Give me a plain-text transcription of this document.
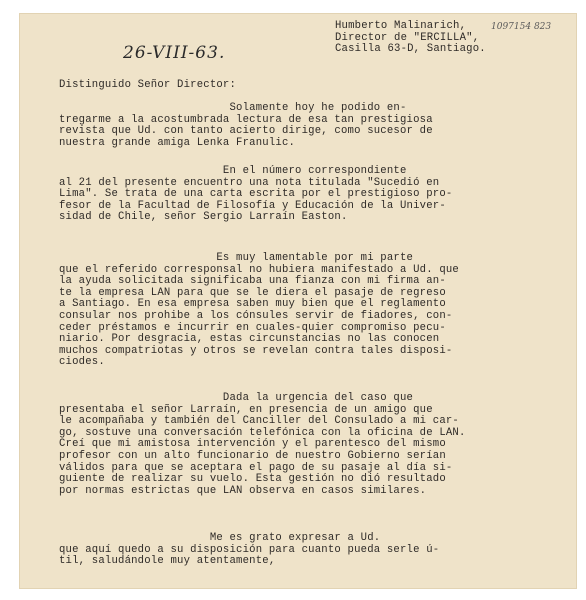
1097154 823
Humberto Malinarich,
Director de "ERCILLA",
Casilla 63-D, Santiago.
26-VIII-63.
Distinguido Señor Director:
Solamente hoy he podido en-
tregarme a la acostumbrada lectura de esa tan prestigiosa
revista que Ud. con tanto acierto dirige, como sucesor de
nuestra grande amiga Lenka Franulic.
En el número correspondiente
al 21 del presente encuentro una nota titulada "Sucedió en
Lima". Se trata de una carta escrita por el prestigioso pro-
fesor de la Facultad de Filosofía y Educación de la Univer-
sidad de Chile, señor Sergio Larraín Easton.
Es muy lamentable por mi parte
que el referido corresponsal no hubiera manifestado a Ud. que
la ayuda solicitada significaba una fianza con mi firma an-
te la empresa LAN para que se le diera el pasaje de regreso
a Santiago. En esa empresa saben muy bien que el reglamento
consular nos prohibe a los cónsules servir de fiadores, con-
ceder préstamos e incurrir en cuales-quier compromiso pecu-
niario. Por desgracia, estas circunstancias no las conocen
muchos compatriotas y otros se revelan contra tales disposi-
ciodes.
Dada la urgencia del caso que
presentaba el señor Larraín, en presencia de un amigo que
le acompañaba y también del Canciller del Consulado a mi car-
go, sostuve una conversación telefónica con la oficina de LAN.
Creí que mi amistosa intervención y el parentesco del mismo
profesor con un alto funcionario de nuestro Gobierno serían
válidos para que se aceptara el pago de su pasaje al día si-
guiente de realizar su vuelo. Esta gestión no dió resultado
por normas estrictas que LAN observa en casos similares.
Me es grato expresar a Ud.
que aquí quedo a su disposición para cuanto pueda serle ú-
til, saludándole muy atentamente,
